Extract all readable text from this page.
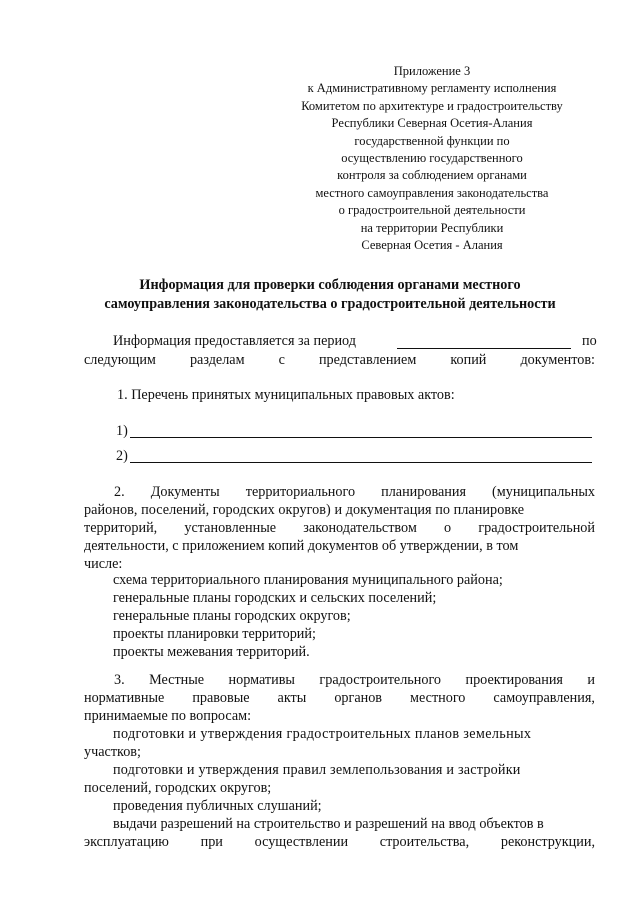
Приложение 3
к Административному регламенту исполнения
Комитетом по архитектуре и градостроительству
Республики Северная Осетия-Алания
государственной функции по
осуществлению государственного
контроля за соблюдением органами
местного самоуправления законодательства
о градостроительной деятельности
на территории Республики
Северная Осетия - Алания
Информация для проверки соблюдения органами местного
самоуправления законодательства о градостроительной деятельности
Информация предоставляется за период	по
следующим разделам с представлением копий документов:
1. Перечень принятых муниципальных правовых актов:
1)
2)
2. Документы территориального планирования (муниципальных
районов, поселений, городских округов) и документация по планировке
территорий, установленные законодательством о градостроительной
деятельности, с приложением копий документов об утверждении, в том
числе:
схема территориального планирования муниципального района;
генеральные планы городских и сельских поселений;
генеральные планы городских округов;
проекты планировки территорий;
проекты межевания территорий.
3. Местные нормативы градостроительного проектирования и
нормативные правовые акты органов местного самоуправления,
принимаемые по вопросам:
подготовки и утверждения градостроительных планов земельных
участков;
подготовки и утверждения правил землепользования и застройки
поселений, городских округов;
проведения публичных слушаний;
выдачи разрешений на строительство и разрешений на ввод объектов в
эксплуатацию при осуществлении строительства, реконструкции,
